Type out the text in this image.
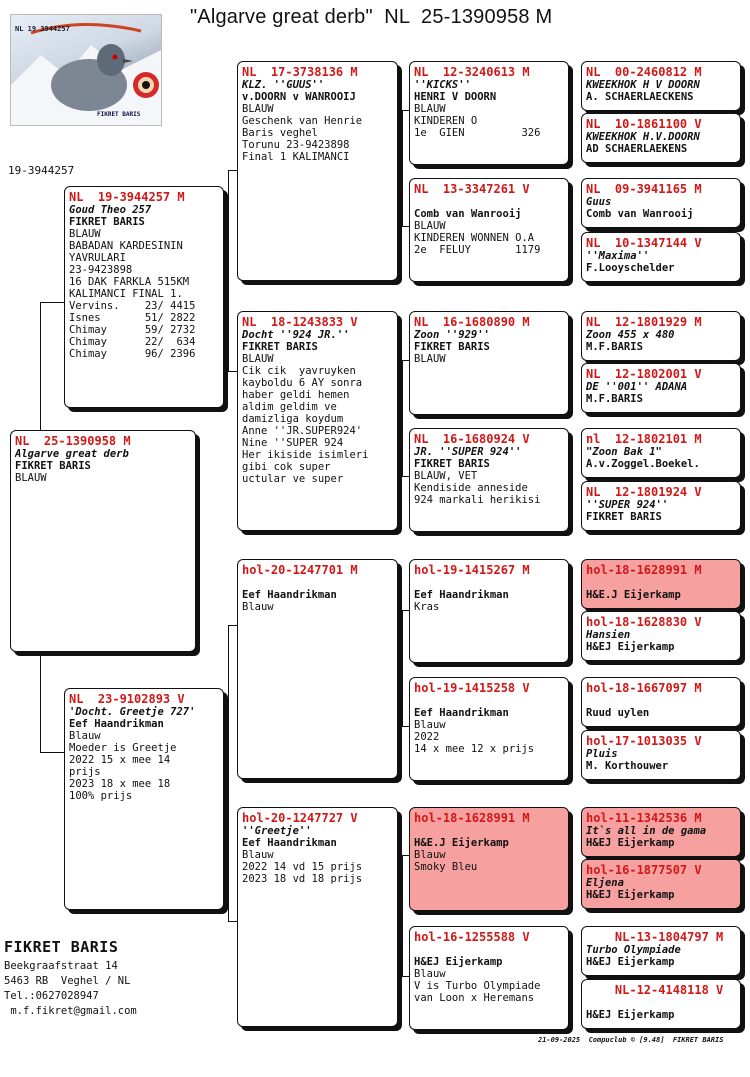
"Algarve great derb"  NL  25-1390958 M
NL 19 3944257
FIKRET BARIS
19-3944257
NL  25-1390958 M
Algarve great derb
FIKRET BARIS
BLAUW
NL  19-3944257 M
Goud Theo 257
FIKRET BARIS
BLAUW
BABADAN KARDESININ
YAVRULARI
23-9423898
16 DAK FARKLA 515KM
KALIMANCI FINAL 1.
Vervins.    23/ 4415
Isnes       51/ 2822
Chimay      59/ 2732
Chimay      22/  634
Chimay      96/ 2396
NL  23-9102893 V
'Docht. Greetje 727'
Eef Haandrikman
Blauw
Moeder is Greetje
2022 15 x mee 14
prijs
2023 18 x mee 18
100% prijs
NL  17-3738136 M
KLZ. ''GUUS''
v.DOORN v WANROOIJ
BLAUW
Geschenk van Henrie
Baris veghel
Torunu 23-9423898
Final 1 KALIMANCI
NL  18-1243833 V
Docht ''924 JR.''
FIKRET BARIS
BLAUW
Cik cik  yavruyken
kayboldu 6 AY sonra
haber geldi hemen
aldim geldim ve
damizliga koydum
Anne ''JR.SUPER924'
Nine ''SUPER 924
Her ikiside isimleri
gibi cok super
uctular ve super
hol-20-1247701 M
Eef Haandrikman
Blauw
hol-20-1247727 V
''Greetje''
Eef Haandrikman
Blauw
2022 14 vd 15 prijs
2023 18 vd 18 prijs
NL  12-3240613 M
''KICKS''
HENRI V DOORN
BLAUW
KINDEREN O
1e  GIEN         326
NL  13-3347261 V
Comb van Wanrooij
BLAUW
KINDEREN WONNEN O.A
2e  FELUY       1179
NL  16-1680890 M
Zoon ''929''
FIKRET BARIS
BLAUW
NL  16-1680924 V
JR. ''SUPER 924''
FIKRET BARIS
BLAUW, VET
Kendiside anneside
924 markali herikisi
hol-19-1415267 M
Eef Haandrikman
Kras
hol-19-1415258 V
Eef Haandrikman
Blauw
2022
14 x mee 12 x prijs
hol-18-1628991 M
H&E.J Eijerkamp
Blauw
Smoky Bleu
hol-16-1255588 V
H&EJ Eijerkamp
Blauw
V is Turbo Olympiade
van Loon x Heremans
NL  00-2460812 M
KWEEKHOK H V DOORN
A. SCHAERLAECKENS
NL  10-1861100 V
KWEEKHOK H.V.DOORN
AD SCHAERLAEKENS
NL  09-3941165 M
Guus
Comb van Wanrooij
NL  10-1347144 V
''Maxima''
F.Looyschelder
NL  12-1801929 M
Zoon 455 x 480
M.F.BARIS
NL  12-1802001 V
DE ''001'' ADANA
M.F.BARIS
nl  12-1802101 M
"Zoon Bak 1"
A.v.Zoggel.Boekel.
NL  12-1801924 V
''SUPER 924''
FIKRET BARIS
hol-18-1628991 M
H&E.J Eijerkamp
hol-18-1628830 V
Hansien
H&EJ Eijerkamp
hol-18-1667097 M
Ruud uylen
hol-17-1013035 V
Pluis
M. Korthouwer
hol-11-1342536 M
It`s all in de gama
H&EJ Eijerkamp
hol-16-1877507 V
Eljena
H&EJ Eijerkamp
NL-13-1804797 M
Turbo Olympiade
H&EJ Eijerkamp
NL-12-4148118 V
H&EJ Eijerkamp
FIKRET BARIS
Beekgraafstraat 14
5463 RB  Veghel / NL
Tel.:0627028947
m.f.fikret@gmail.com
21-09-2025  Compuclub © [9.48]  FIKRET BARIS
